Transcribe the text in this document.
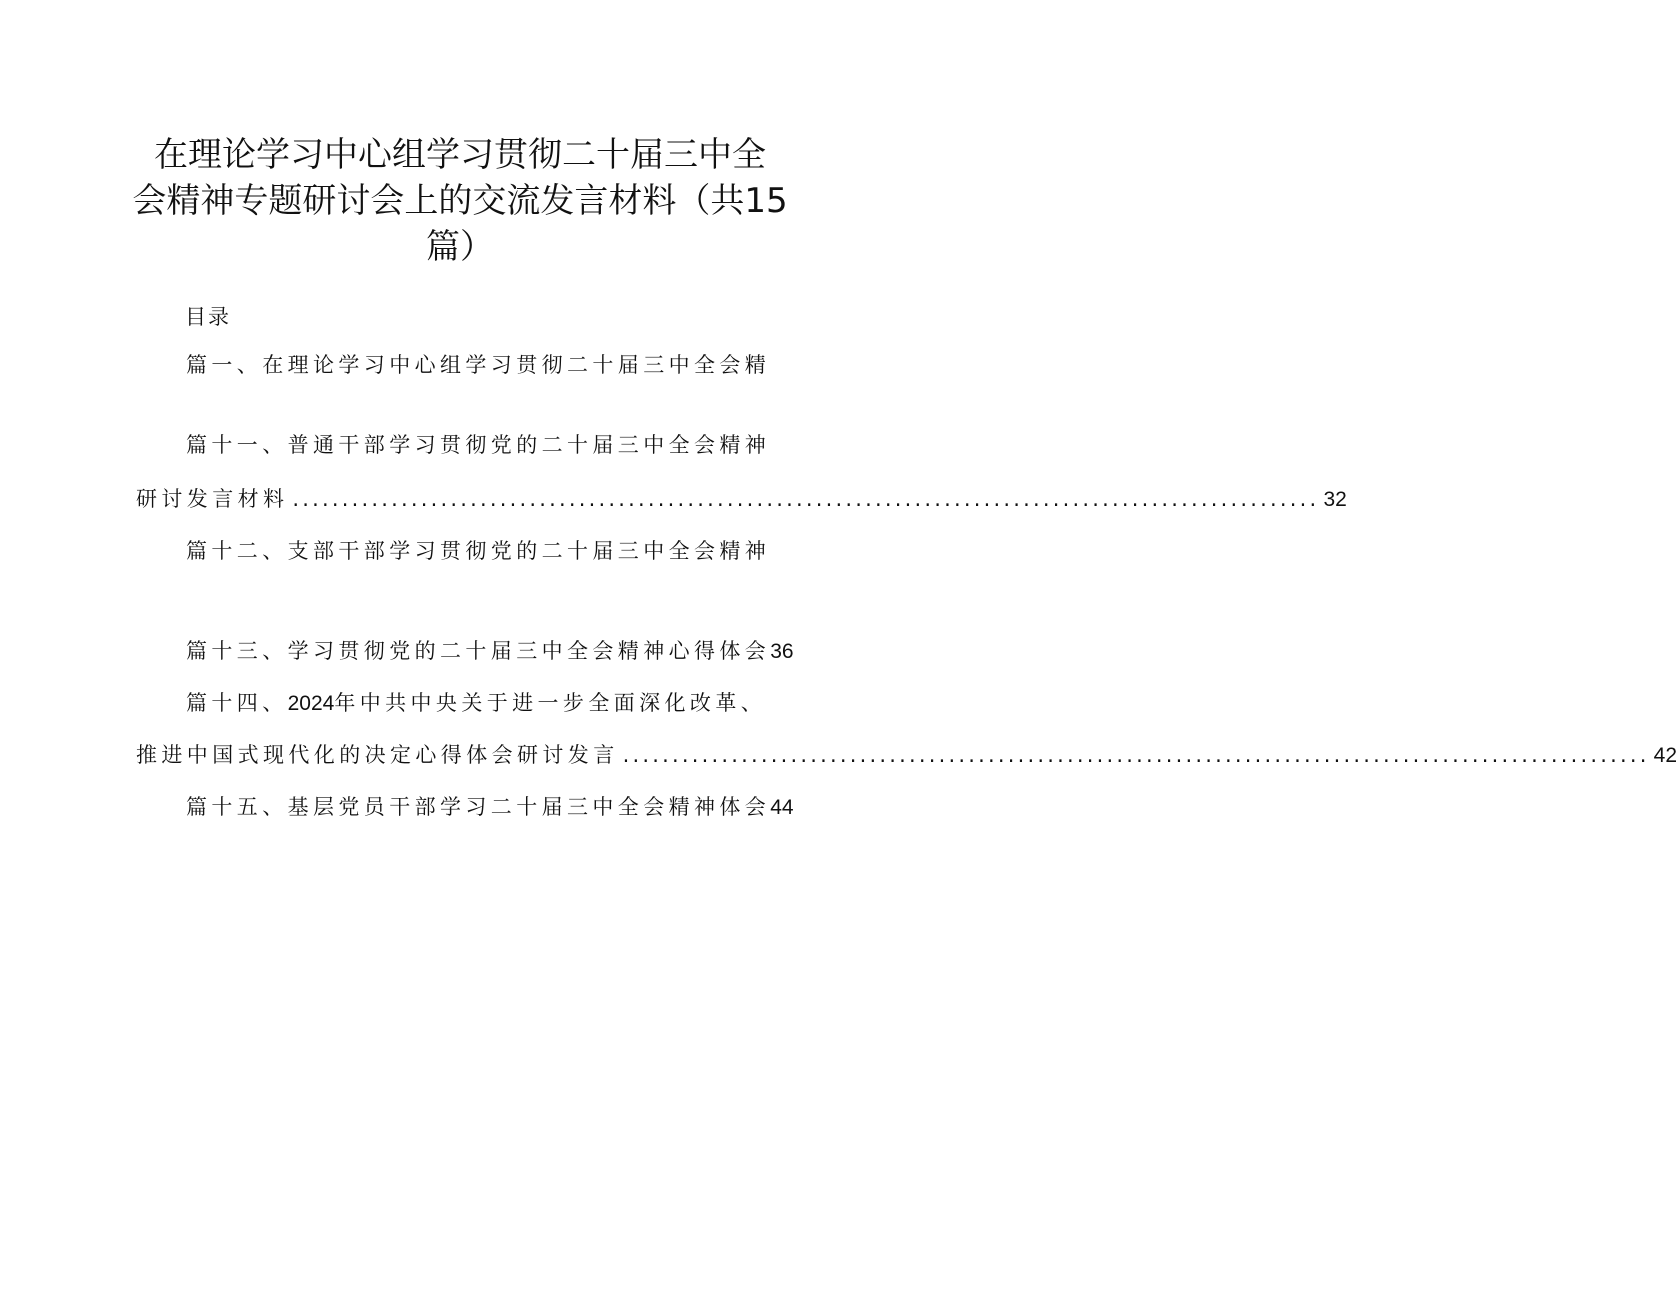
在理论学习中心组学习贯彻二十届三中全
会精神专题研讨会上的交流发言材料（共15
篇）
目录
篇一、在理论学习中心组学习贯彻二十届三中全会精
篇十一、普通干部学习贯彻党的二十届三中全会精神
研讨发言材料 ........................................................................................................ 32
篇十二、支部干部学习贯彻党的二十届三中全会精神
篇十三、学习贯彻党的二十届三中全会精神心得体会36
篇十四、2024年中共中央关于进一步全面深化改革、
推进中国式现代化的决定心得体会研讨发言 ........................................................................................................ 42
篇十五、基层党员干部学习二十届三中全会精神体会44
